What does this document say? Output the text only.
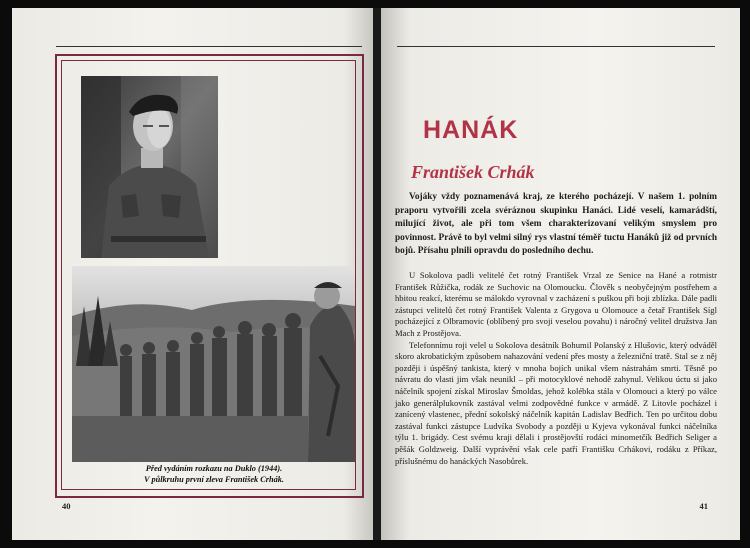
Před vydáním rozkazu na Duklo (1944).
V půlkruhu první zleva František Crhák.
40
HANÁK
František Crhák

Vojáky vždy poznamenává kraj, ze kterého pocházejí. V našem 1. polním praporu vytvořili zcela svéráznou skupinku Hanáci. Lidé veselí, kamarádští, milující život, ale při tom všem charakterizovaní velikým smyslem pro povinnost. Právě to byl velmi silný rys vlastní téměř tuctu Hanáků již od prvních bojů. Přísahu plnili opravdu do posledního dechu.

U Sokolova padli velitelé čet rotný František Vrzal ze Senice na Hané a rotmistr František Růžička, rodák ze Suchovic na Olomoucku. Člověk s neobyčejným postřehem a hbitou reakcí, kterému se málokdo vyrovnal v zacházení s puškou při boji zblízka. Dále padli zástupci velitelů čet rotný František Valenta z Grygova u Olomouce a četař František Sígl pocházející z Olbramovic (oblíbený pro svoji veselou povahu) i náročný velitel družstva Jan Mach z Prostějova.

Telefonnímu roji velel u Sokolova desátník Bohumil Polanský z Hlušovic, který odváděl skoro akrobatickým způsobem nahazování vedení přes mosty a železniční tratě. Stal se z něj později i úspěšný tankista, který v mnoha bojích unikal všem nástrahám smrti. Těsně po návratu do vlasti jim však neunikl – při motocyklové nehodě zahynul. Velikou úctu si jako náčelník spojení získal Miroslav Šmoldas, jehož kolébka stála v Olomouci a který po válce jako generálplukovník zastával velmi zodpovědné funkce v armádě. Z Litovle pocházel i zanícený vlastenec, přední sokolský náčelník kapitán Ladislav Bedřich. Ten po určitou dobu zastával funkci zástupce Ludvíka Svobody a později u Kyjeva vykonával funkci náčelníka týlu 1. brigády. Cest svému kraji dělali i prostějovští rodáci minometčík Bedřich Seliger a pěšák Goldzweig. Další vyprávění však cele patří Františku Crhákovi, rodáku z Příkaz, příslušnému do hanáckých Nasobůrek.

41
